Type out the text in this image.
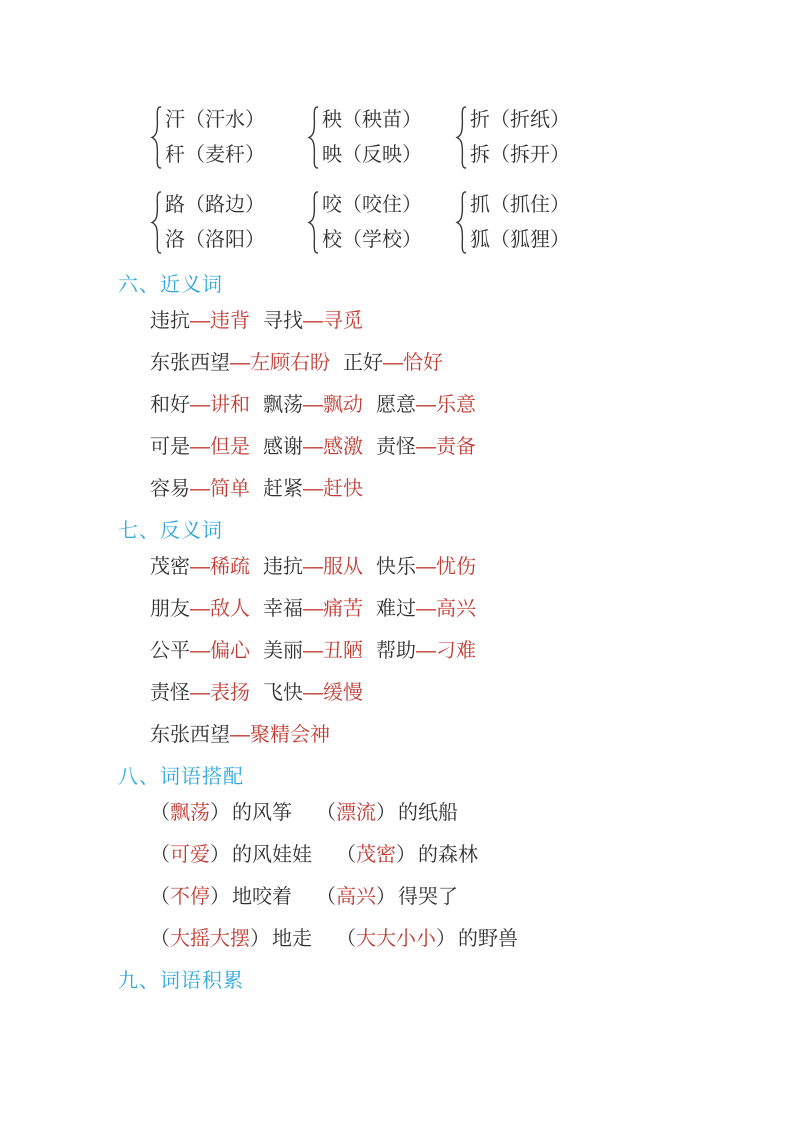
汗（汗水）
秆（麦秆）
秧（秧苗）
映（反映）
折（折纸）
拆（拆开）
路（路边）
洛（洛阳）
咬（咬住）
校（学校）
抓（抓住）
狐（狐狸）
六、近义词
违抗—违背 寻找—寻觅
东张西望—左顾右盼 正好—恰好
和好—讲和 飘荡—飘动 愿意—乐意
可是—但是 感谢—感激 责怪—责备
容易—简单 赶紧—赶快
七、反义词
茂密—稀疏 违抗—服从 快乐—忧伤
朋友—敌人 幸福—痛苦 难过—高兴
公平—偏心 美丽—丑陋 帮助—刁难
责怪—表扬 飞快—缓慢
东张西望—聚精会神
八、词语搭配
（飘荡） 的风筝 （漂流） 的纸船
（可爱） 的风娃娃 （茂密） 的森林
（不停） 地咬着 （高兴） 得哭了
（大摇大摆） 地走 （大大小小） 的野兽
九、词语积累
